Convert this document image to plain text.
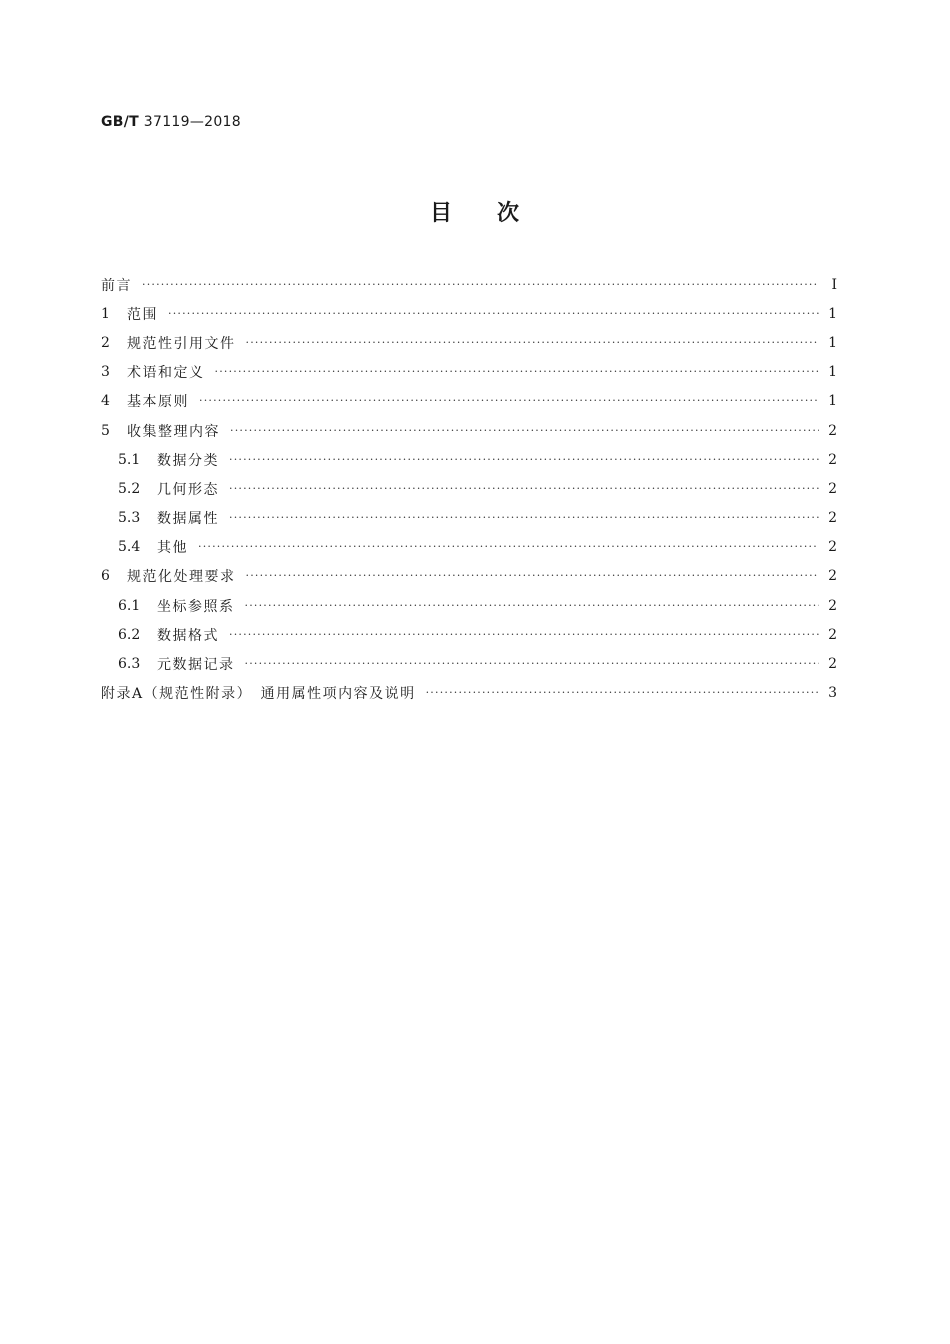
GB/T 37119—2018
目 次
前言 ·····	Ⅰ
1	范围 ·····	1
2	规范性引用文件 ·····	1
3	术语和定义 ·····	1
4	基本原则 ·····	1
5	收集整理内容 ·····	2
5.1	数据分类 ·····	2
5.2	几何形态 ·····	2
5.3	数据属性 ·····	2
5.4	其他 ·····	2
6	规范化处理要求 ·····	2
6.1	坐标参照系 ·····	2
6.2	数据格式 ·····	2
6.3	元数据记录 ·····	2
附录A（规范性附录）　通用属性项内容及说明 ·····	3
